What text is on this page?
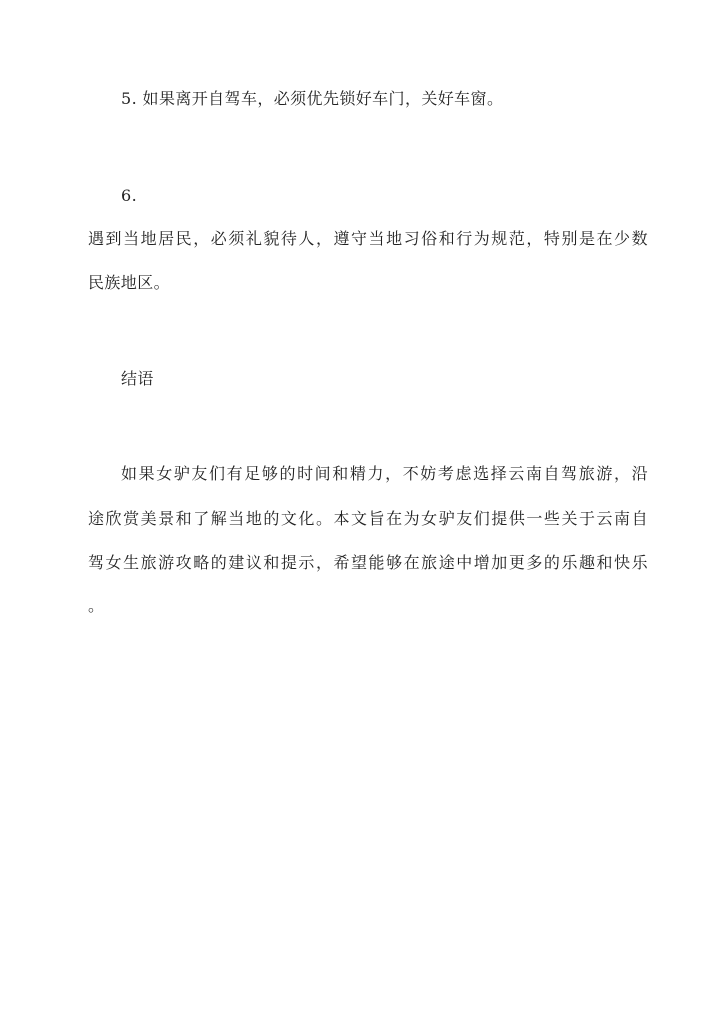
5. 如果离开自驾车，必须优先锁好车门，关好车窗。
6.
遇到当地居民，必须礼貌待人，遵守当地习俗和行为规范，特别是在少数
民族地区。
结语
如果女驴友们有足够的时间和精力，不妨考虑选择云南自驾旅游，沿
途欣赏美景和了解当地的文化。本文旨在为女驴友们提供一些关于云南自
驾女生旅游攻略的建议和提示，希望能够在旅途中增加更多的乐趣和快乐
。
